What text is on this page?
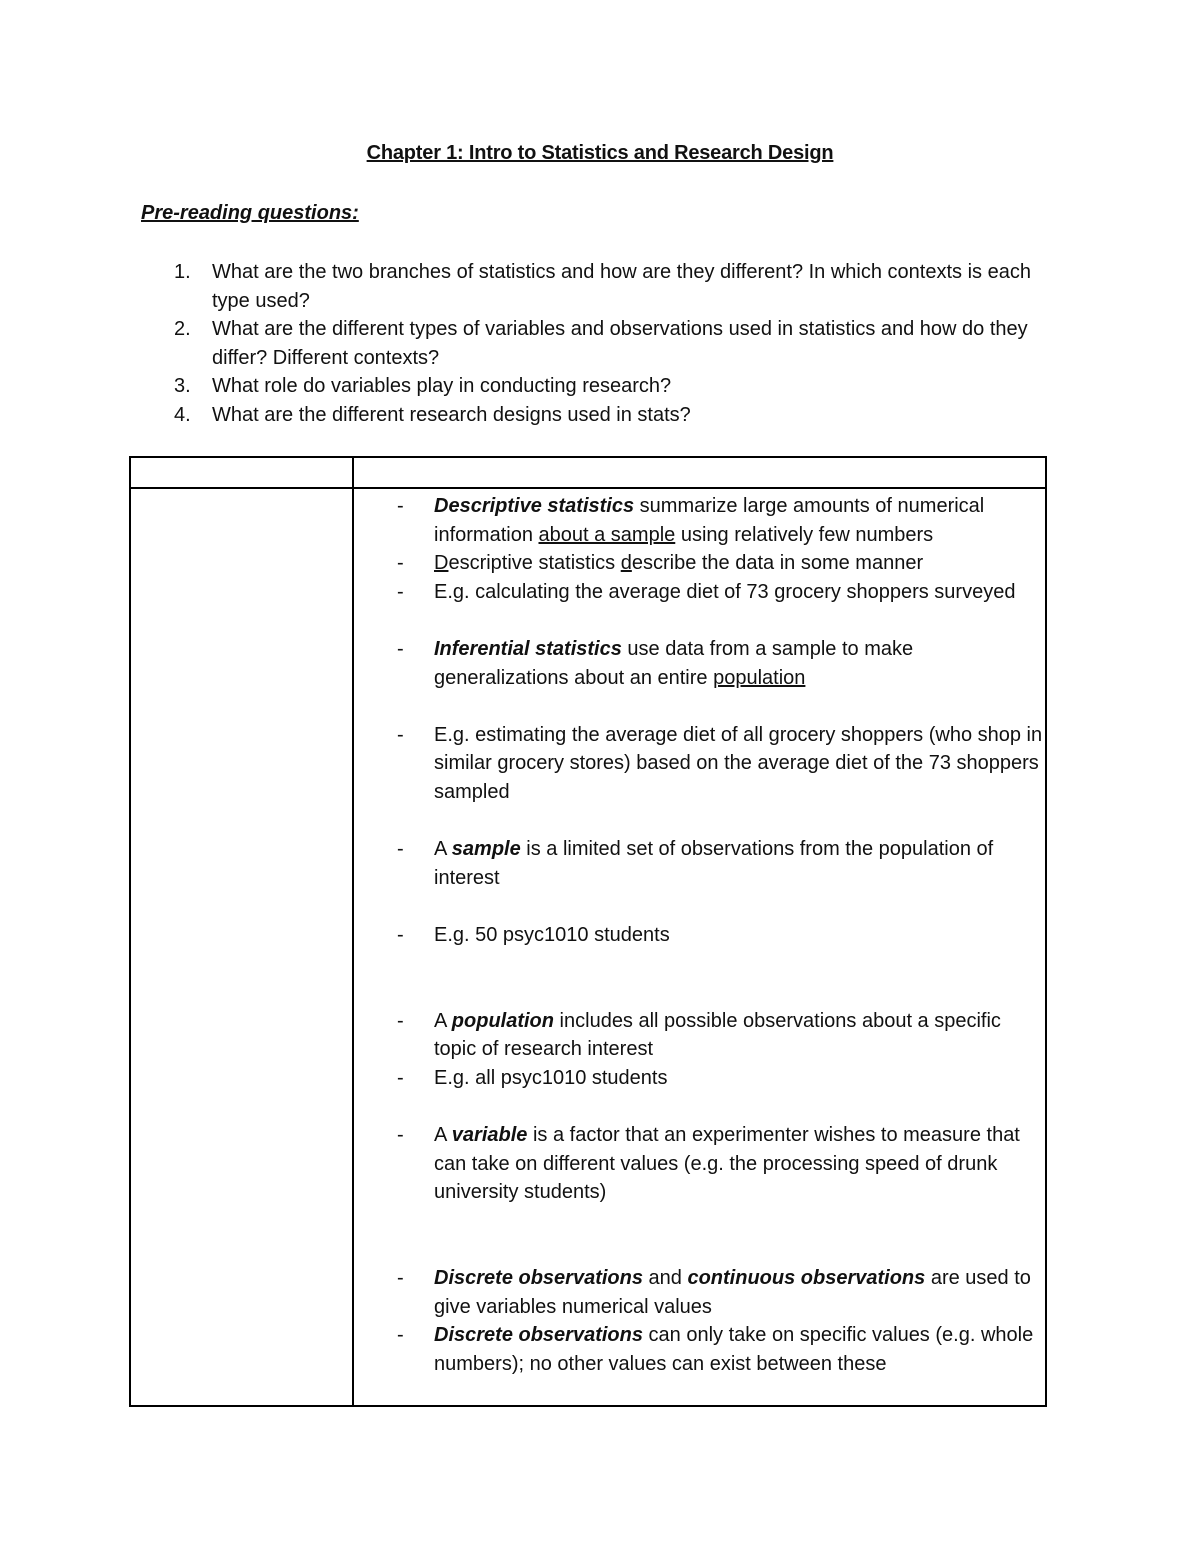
Chapter 1: Intro to Statistics and Research Design
Pre-reading questions:
1. What are the two branches of statistics and how are they different? In which contexts is each type used?
2. What are the different types of variables and observations used in statistics and how do they differ? Different contexts?
3. What role do variables play in conducting research?
4. What are the different research designs used in stats?
- Descriptive statistics summarize large amounts of numerical information about a sample using relatively few numbers
- Descriptive statistics describe the data in some manner
- E.g. calculating the average diet of 73 grocery shoppers surveyed
- Inferential statistics use data from a sample to make generalizations about an entire population
- E.g. estimating the average diet of all grocery shoppers (who shop in similar grocery stores) based on the average diet of the 73 shoppers sampled
- A sample is a limited set of observations from the population of interest
- E.g. 50 psyc1010 students
- A population includes all possible observations about a specific topic of research interest
- E.g. all psyc1010 students
- A variable is a factor that an experimenter wishes to measure that can take on different values (e.g. the processing speed of drunk university students)
- Discrete observations and continuous observations are used to give variables numerical values
- Discrete observations can only take on specific values (e.g. whole numbers); no other values can exist between these
